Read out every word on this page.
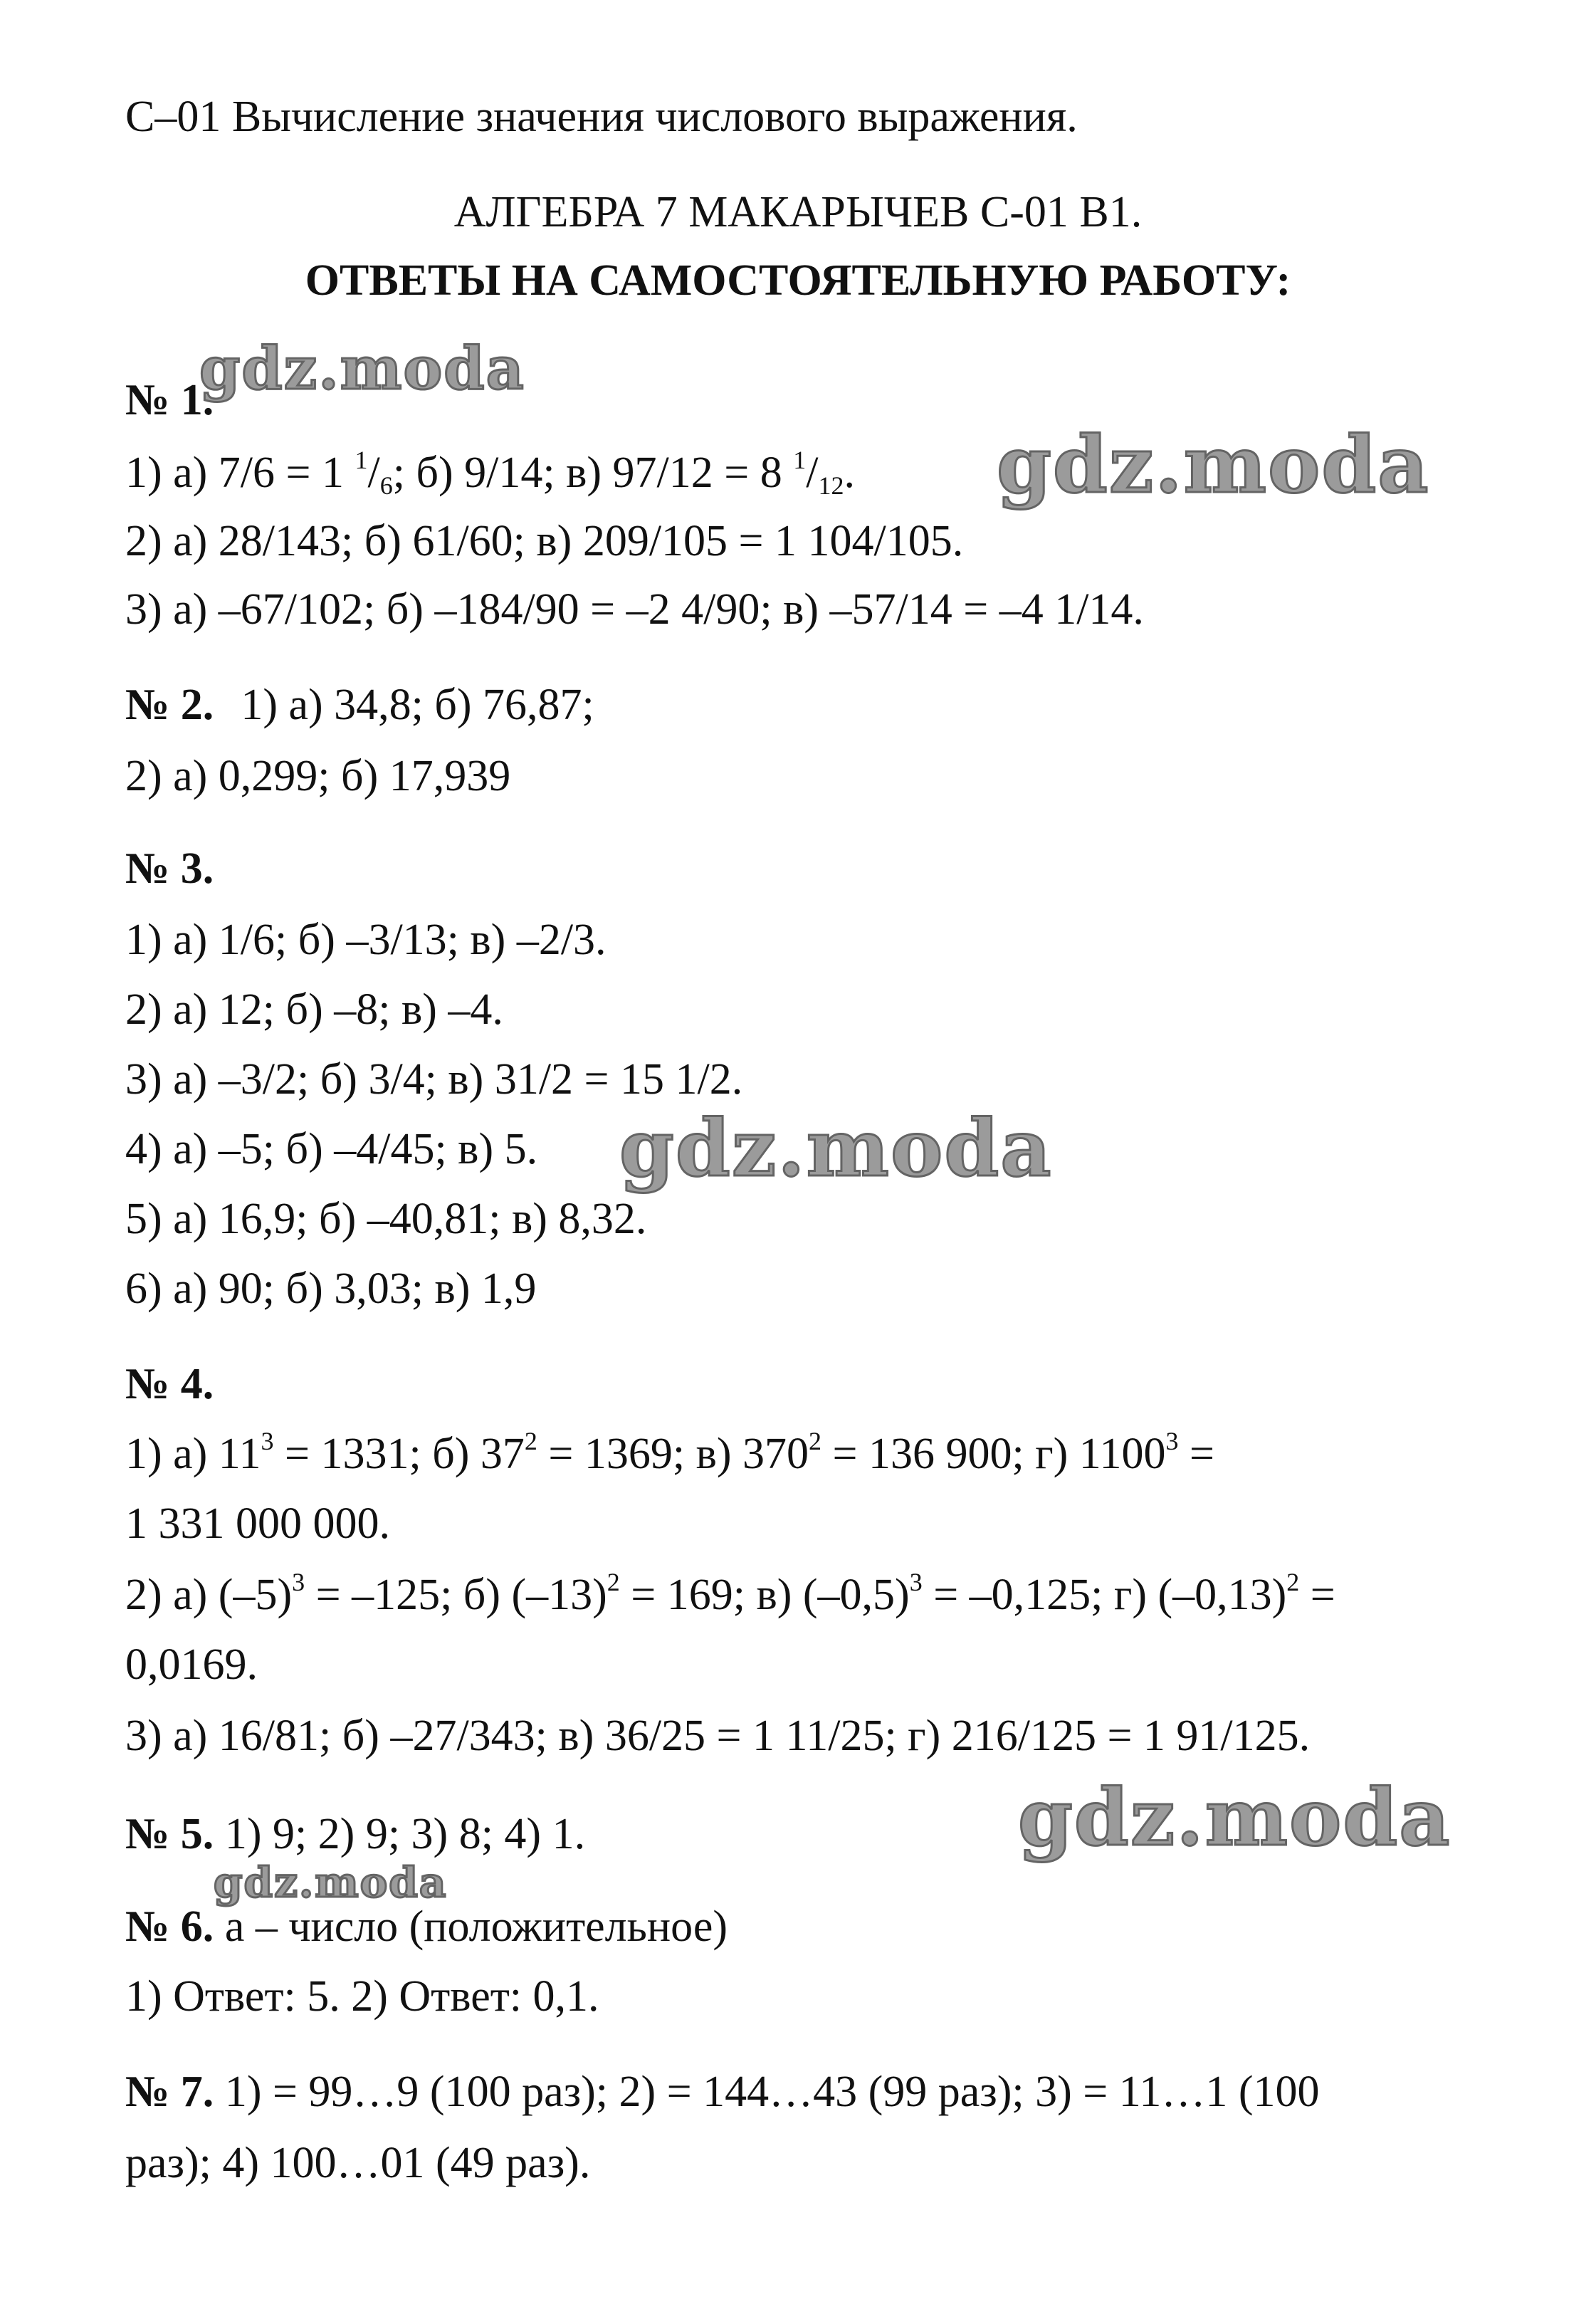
С–01 Вычисление значения числового выражения.
АЛГЕБРА 7 МАКАРЫЧЕВ С-01 В1.
ОТВЕТЫ НА САМОСТОЯТЕЛЬНУЮ РАБОТУ:
№ 1.
1) а) 7/6 = 1 $^1/_6$; б) 9/14; в) 97/12 = 8 $^1/_{12}$.
2) а) 28/143; б) 61/60; в) 209/105 = 1 104/105.
3) а) –67/102; б) –184/90 = –2 4/90; в) –57/14 = –4 1/14.
№ 2. 1) а) 34,8; б) 76,87;
2) а) 0,299; б) 17,939
№ 3.
1) а) 1/6; б) –3/13; в) –2/3.
2) а) 12; б) –8; в) –4.
3) а) –3/2; б) 3/4; в) 31/2 = 15 1/2.
4) а) –5; б) –4/45; в) 5.
5) а) 16,9; б) –40,81; в) 8,32.
6) а) 90; б) 3,03; в) 1,9
№ 4.
1) а) $11^3 = 1331$; б) $37^2 = 1369$; в) $370^2 = 136$ 900; г) $1100^3$ =
1 331 000 000.
2) а) $(-5)^3 = -125$; б) $(-13)^2 = 169$; в) $(-0,5)^3 = -0,125$; г) $(-0,13)^2$ =
0,0169.
3) а) 16/81; б) –27/343; в) 36/25 = 1 11/25; г) 216/125 = 1 91/125.
№ 5. 1) 9; 2) 9; 3) 8; 4) 1.
№ 6. а – число (положительное)
1) Ответ: 5. 2) Ответ: 0,1.
№ 7. 1) = 99…9 (100 раз); 2) = 144…43 (99 раз); 3) = 11…1 (100
раз); 4) 100…01 (49 раз).
gdz.moda
gdz.moda
gdz.moda
gdz.moda
gdz.moda
